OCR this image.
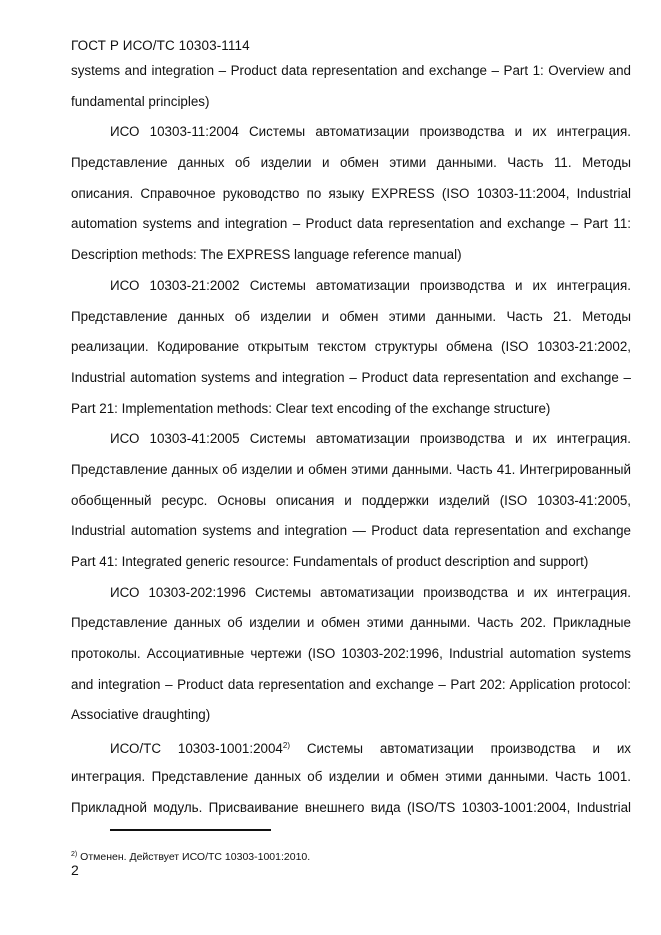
ГОСТ Р ИСО/ТС 10303-1114
systems and integration – Product data representation and exchange – Part 1: Overview and
fundamental principles)
ИСО 10303-11:2004 Системы автоматизации производства и их интеграция.
Представление данных об изделии и обмен этими данными. Часть 11. Методы
описания. Справочное руководство по языку EXPRESS (ISO 10303-11:2004, Industrial
automation systems and integration – Product data representation and exchange – Part 11:
Description methods: The EXPRESS language reference manual)
ИСО 10303-21:2002 Системы автоматизации производства и их интеграция.
Представление данных об изделии и обмен этими данными. Часть 21. Методы
реализации. Кодирование открытым текстом структуры обмена (ISO 10303-21:2002,
Industrial automation systems and integration – Product data representation and exchange –
Part 21: Implementation methods: Clear text encoding of the exchange structure)
ИСО 10303-41:2005 Системы автоматизации производства и их интеграция.
Представление данных об изделии и обмен этими данными. Часть 41. Интегрированный
обобщенный ресурс. Основы описания и поддержки изделий (ISO 10303-41:2005,
Industrial automation systems and integration — Product data representation and exchange
Part 41: Integrated generic resource: Fundamentals of product description and support)
ИСО 10303-202:1996 Системы автоматизации производства и их интеграция.
Представление данных об изделии и обмен этими данными. Часть 202. Прикладные
протоколы. Ассоциативные чертежи (ISO 10303-202:1996, Industrial automation systems
and integration – Product data representation and exchange – Part 202: Application protocol:
Associative draughting)
ИСО/ТС 10303-1001:2004$^{2)}$ Системы автоматизации производства и их
интеграция. Представление данных об изделии и обмен этими данными. Часть 1001.
Прикладной модуль. Присваивание внешнего вида (ISO/TS 10303-1001:2004, Industrial
$^{2)}$ Отменен. Действует ИСО/ТС 10303-1001:2010.
2
